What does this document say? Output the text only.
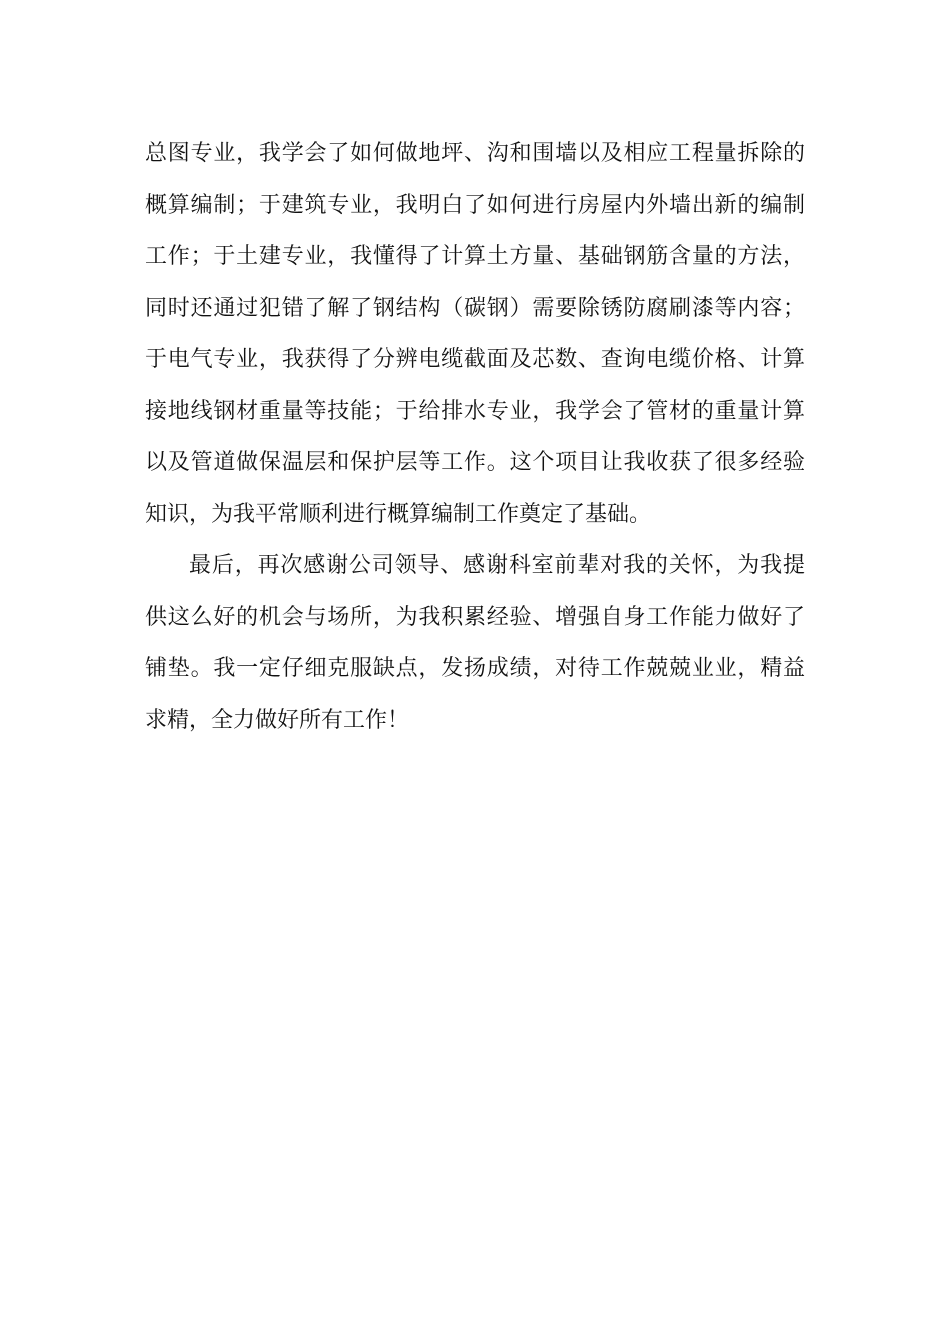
总图专业，我学会了如何做地坪、沟和围墙以及相应工程量拆除的
概算编制；于建筑专业，我明白了如何进行房屋内外墙出新的编制
工作；于土建专业，我懂得了计算土方量、基础钢筋含量的方法，
同时还通过犯错了解了钢结构（碳钢）需要除锈防腐刷漆等内容；
于电气专业，我获得了分辨电缆截面及芯数、查询电缆价格、计算
接地线钢材重量等技能；于给排水专业，我学会了管材的重量计算
以及管道做保温层和保护层等工作。这个项目让我收获了很多经验
知识，为我平常顺利进行概算编制工作奠定了基础。
最后，再次感谢公司领导、感谢科室前辈对我的关怀，为我提
供这么好的机会与场所，为我积累经验、增强自身工作能力做好了
铺垫。我一定仔细克服缺点，发扬成绩，对待工作兢兢业业，精益
求精，全力做好所有工作！
